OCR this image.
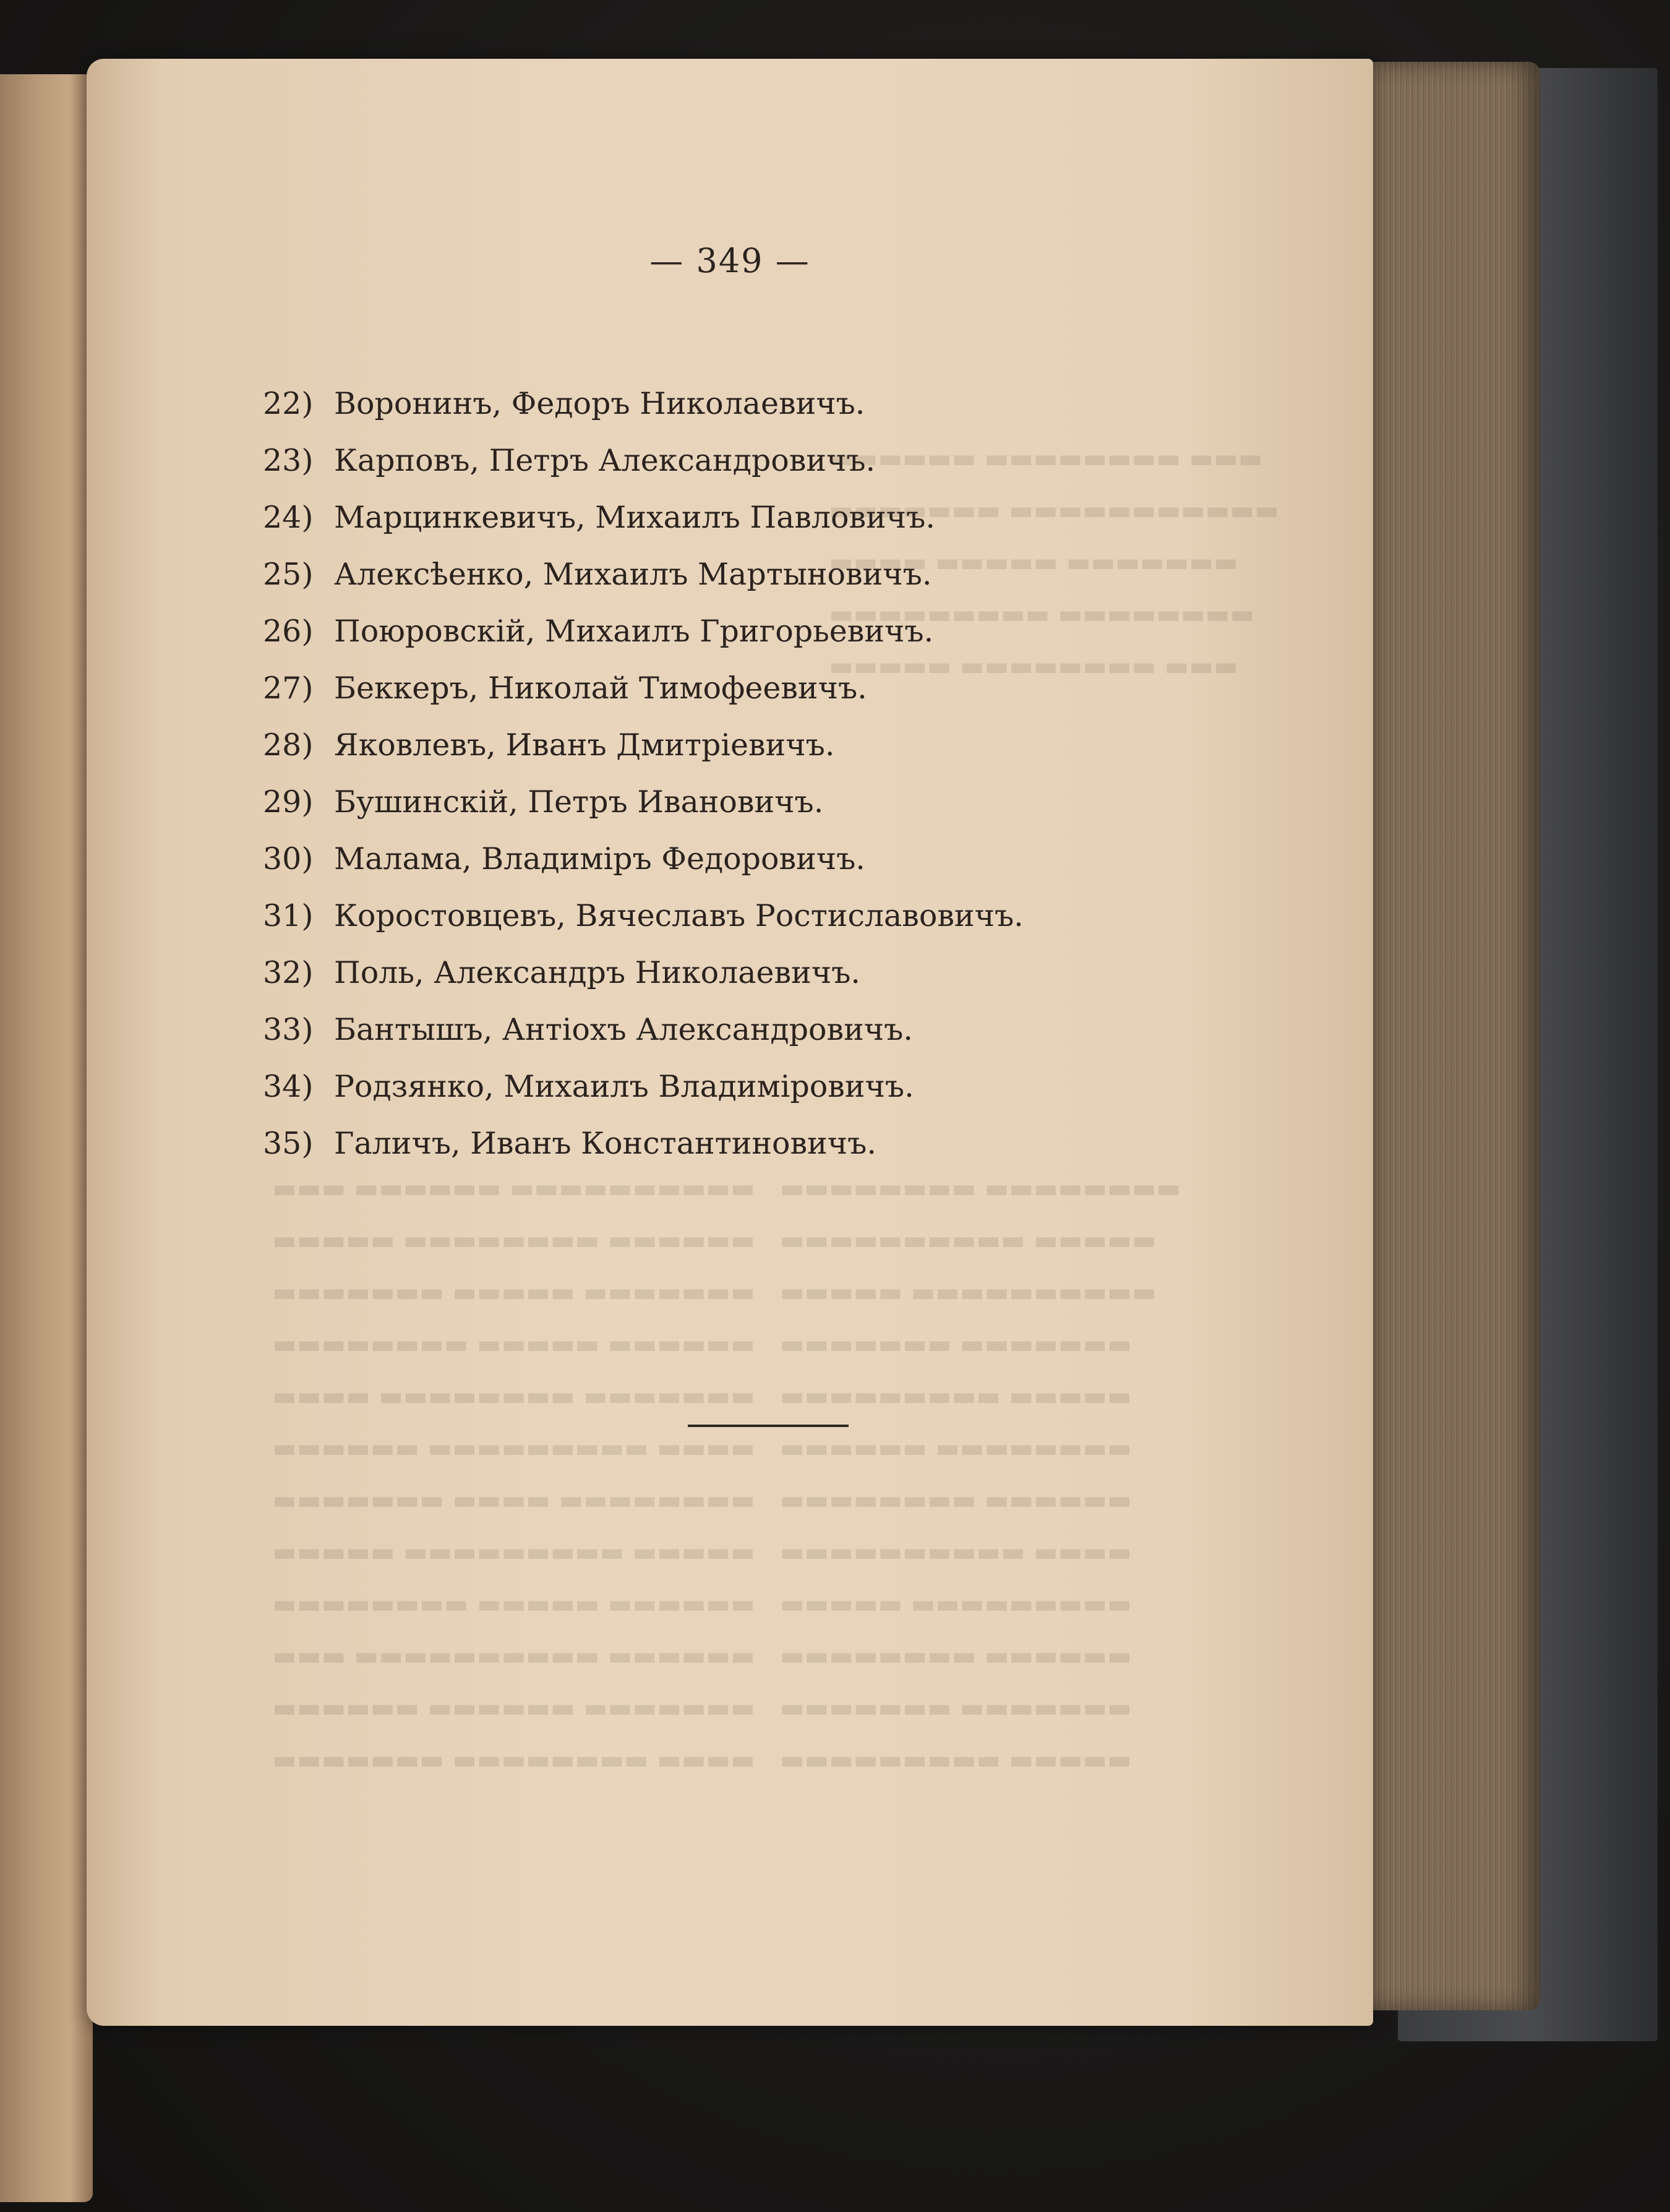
▬▬▬▬▬▬ ▬▬▬▬▬▬▬▬ ▬▬▬
▬▬▬▬▬▬▬ ▬▬▬▬▬▬▬▬▬▬▬
▬▬▬▬ ▬▬▬▬▬ ▬▬▬▬▬▬▬
▬▬▬▬▬▬▬▬▬ ▬▬▬▬▬▬▬▬
▬▬▬▬▬ ▬▬▬▬▬▬▬▬ ▬▬▬

▬▬▬ ▬▬▬▬▬▬ ▬▬▬▬▬▬▬▬▬▬   ▬▬▬▬▬▬▬▬ ▬▬▬▬▬▬▬▬
▬▬▬▬▬ ▬▬▬▬▬▬▬▬ ▬▬▬▬▬▬   ▬▬▬▬▬▬▬▬▬▬ ▬▬▬▬▬
▬▬▬▬▬▬▬ ▬▬▬▬▬ ▬▬▬▬▬▬▬   ▬▬▬▬▬ ▬▬▬▬▬▬▬▬▬▬
▬▬▬▬▬▬▬▬ ▬▬▬▬▬ ▬▬▬▬▬▬   ▬▬▬▬▬▬▬ ▬▬▬▬▬▬▬
▬▬▬▬ ▬▬▬▬▬▬▬▬ ▬▬▬▬▬▬▬   ▬▬▬▬▬▬▬▬▬ ▬▬▬▬▬
▬▬▬▬▬▬ ▬▬▬▬▬▬▬▬▬ ▬▬▬▬   ▬▬▬▬▬▬ ▬▬▬▬▬▬▬▬
▬▬▬▬▬▬▬ ▬▬▬▬ ▬▬▬▬▬▬▬▬   ▬▬▬▬▬▬▬▬ ▬▬▬▬▬▬
▬▬▬▬▬ ▬▬▬▬▬▬▬▬▬ ▬▬▬▬▬   ▬▬▬▬▬▬▬▬▬▬ ▬▬▬▬
▬▬▬▬▬▬▬▬ ▬▬▬▬▬ ▬▬▬▬▬▬   ▬▬▬▬▬ ▬▬▬▬▬▬▬▬▬
▬▬▬ ▬▬▬▬▬▬▬▬▬▬ ▬▬▬▬▬▬   ▬▬▬▬▬▬▬▬ ▬▬▬▬▬▬
▬▬▬▬▬▬ ▬▬▬▬▬▬ ▬▬▬▬▬▬▬   ▬▬▬▬▬▬▬ ▬▬▬▬▬▬▬
▬▬▬▬▬▬▬ ▬▬▬▬▬▬▬▬ ▬▬▬▬   ▬▬▬▬▬▬▬▬▬ ▬▬▬▬▬

— 349 —
22) Воронинъ, Федоръ Николаевичъ.
23) Карповъ, Петръ Александровичъ.
24) Марцинкевичъ, Михаилъ Павловичъ.
25) Алексѣенко, Михаилъ Мартыновичъ.
26) Поюровскій, Михаилъ Григорьевичъ.
27) Беккеръ, Николай Тимофеевичъ.
28) Яковлевъ, Иванъ Дмитріевичъ.
29) Бушинскій, Петръ Ивановичъ.
30) Малама, Владиміръ Федоровичъ.
31) Коростовцевъ, Вячеславъ Ростиславовичъ.
32) Поль, Александръ Николаевичъ.
33) Бантышъ, Антіохъ Александровичъ.
34) Родзянко, Михаилъ Владиміровичъ.
35) Галичъ, Иванъ Константиновичъ.
